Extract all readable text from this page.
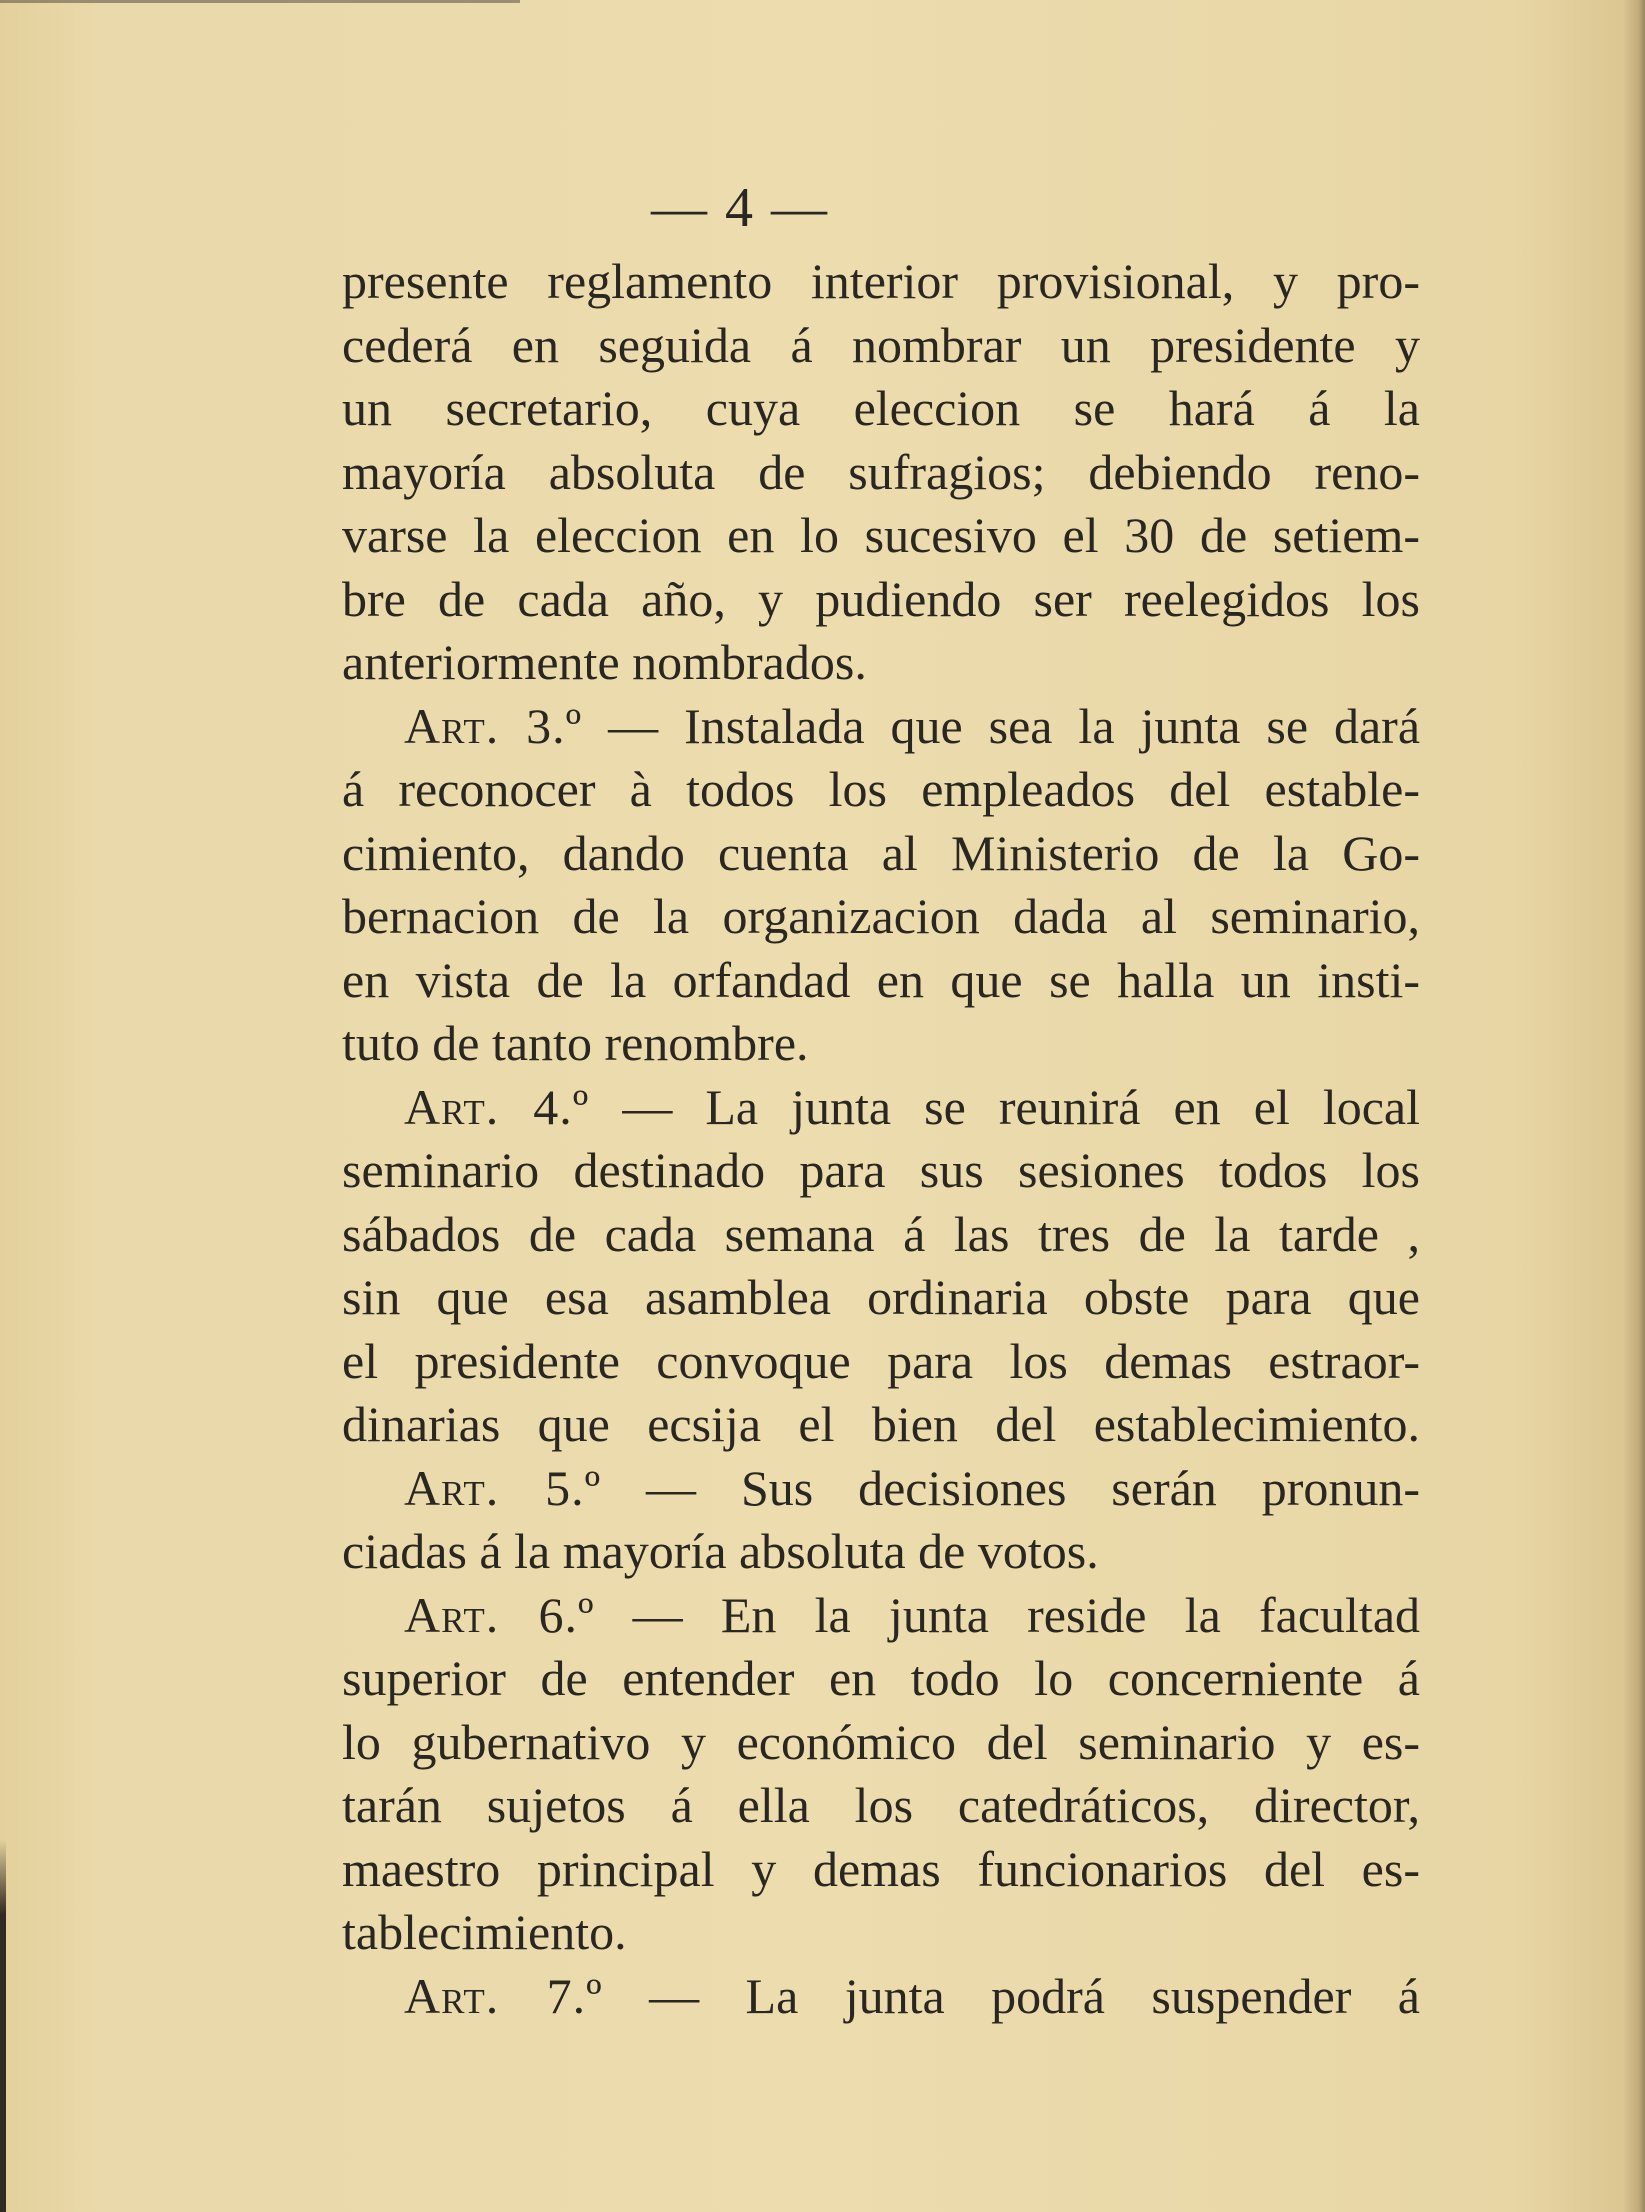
— 4 —
presente reglamento interior provisional, y pro-
cederá en seguida á nombrar un presidente y
un secretario, cuya eleccion se hará á la
mayoría absoluta de sufragios; debiendo reno-
varse la eleccion en lo sucesivo el 30 de setiem-
bre de cada año, y pudiendo ser reelegidos los
anteriormente nombrados.
Art. 3.º — Instalada que sea la junta se dará
á reconocer à todos los empleados del estable-
cimiento, dando cuenta al Ministerio de la Go-
bernacion de la organizacion dada al seminario,
en vista de la orfandad en que se halla un insti-
tuto de tanto renombre.
Art. 4.º — La junta se reunirá en el local
seminario destinado para sus sesiones todos los
sábados de cada semana á las tres de la tarde ,
sin que esa asamblea ordinaria obste para que
el presidente convoque para los demas estraor-
dinarias que ecsija el bien del establecimiento.
Art. 5.º — Sus decisiones serán pronun-
ciadas á la mayoría absoluta de votos.
Art. 6.º — En la junta reside la facultad
superior de entender en todo lo concerniente á
lo gubernativo y económico del seminario y es-
tarán sujetos á ella los catedráticos, director,
maestro principal y demas funcionarios del es-
tablecimiento.
Art. 7.º — La junta podrá suspender á
